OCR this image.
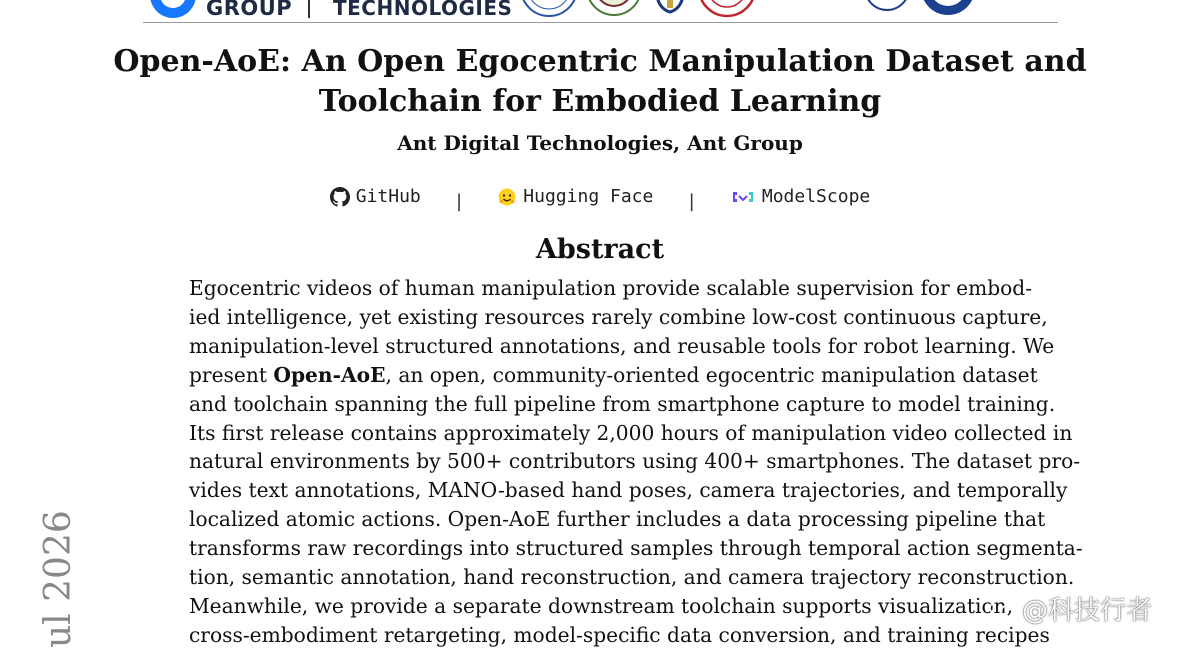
GROUP TECHNOLOGIES
Open-AoE: An Open Egocentric Manipulation Dataset and
Toolchain for Embodied Learning
Ant Digital Technologies, Ant Group
GitHub |	Hugging Face |	ModelScope
Abstract
Egocentric videos of human manipulation provide scalable supervision for embod-
ied intelligence, yet existing resources rarely combine low-cost continuous capture,
manipulation-level structured annotations, and reusable tools for robot learning. We
present Open-AoE, an open, community-oriented egocentric manipulation dataset
and toolchain spanning the full pipeline from smartphone capture to model training.
Its first release contains approximately 2,000 hours of manipulation video collected in
natural environments by 500+ contributors using 400+ smartphones. The dataset pro-
vides text annotations, MANO-based hand poses, camera trajectories, and temporally
localized atomic actions. Open-AoE further includes a data processing pipeline that
transforms raw recordings into structured samples through temporal action segmenta-
tion, semantic annotation, hand reconstruction, and camera trajectory reconstruction.
Meanwhile, we provide a separate downstream toolchain supports visualization,
cross-embodiment retargeting, model-specific data conversion, and training recipes
ul 2026	@科技行者
